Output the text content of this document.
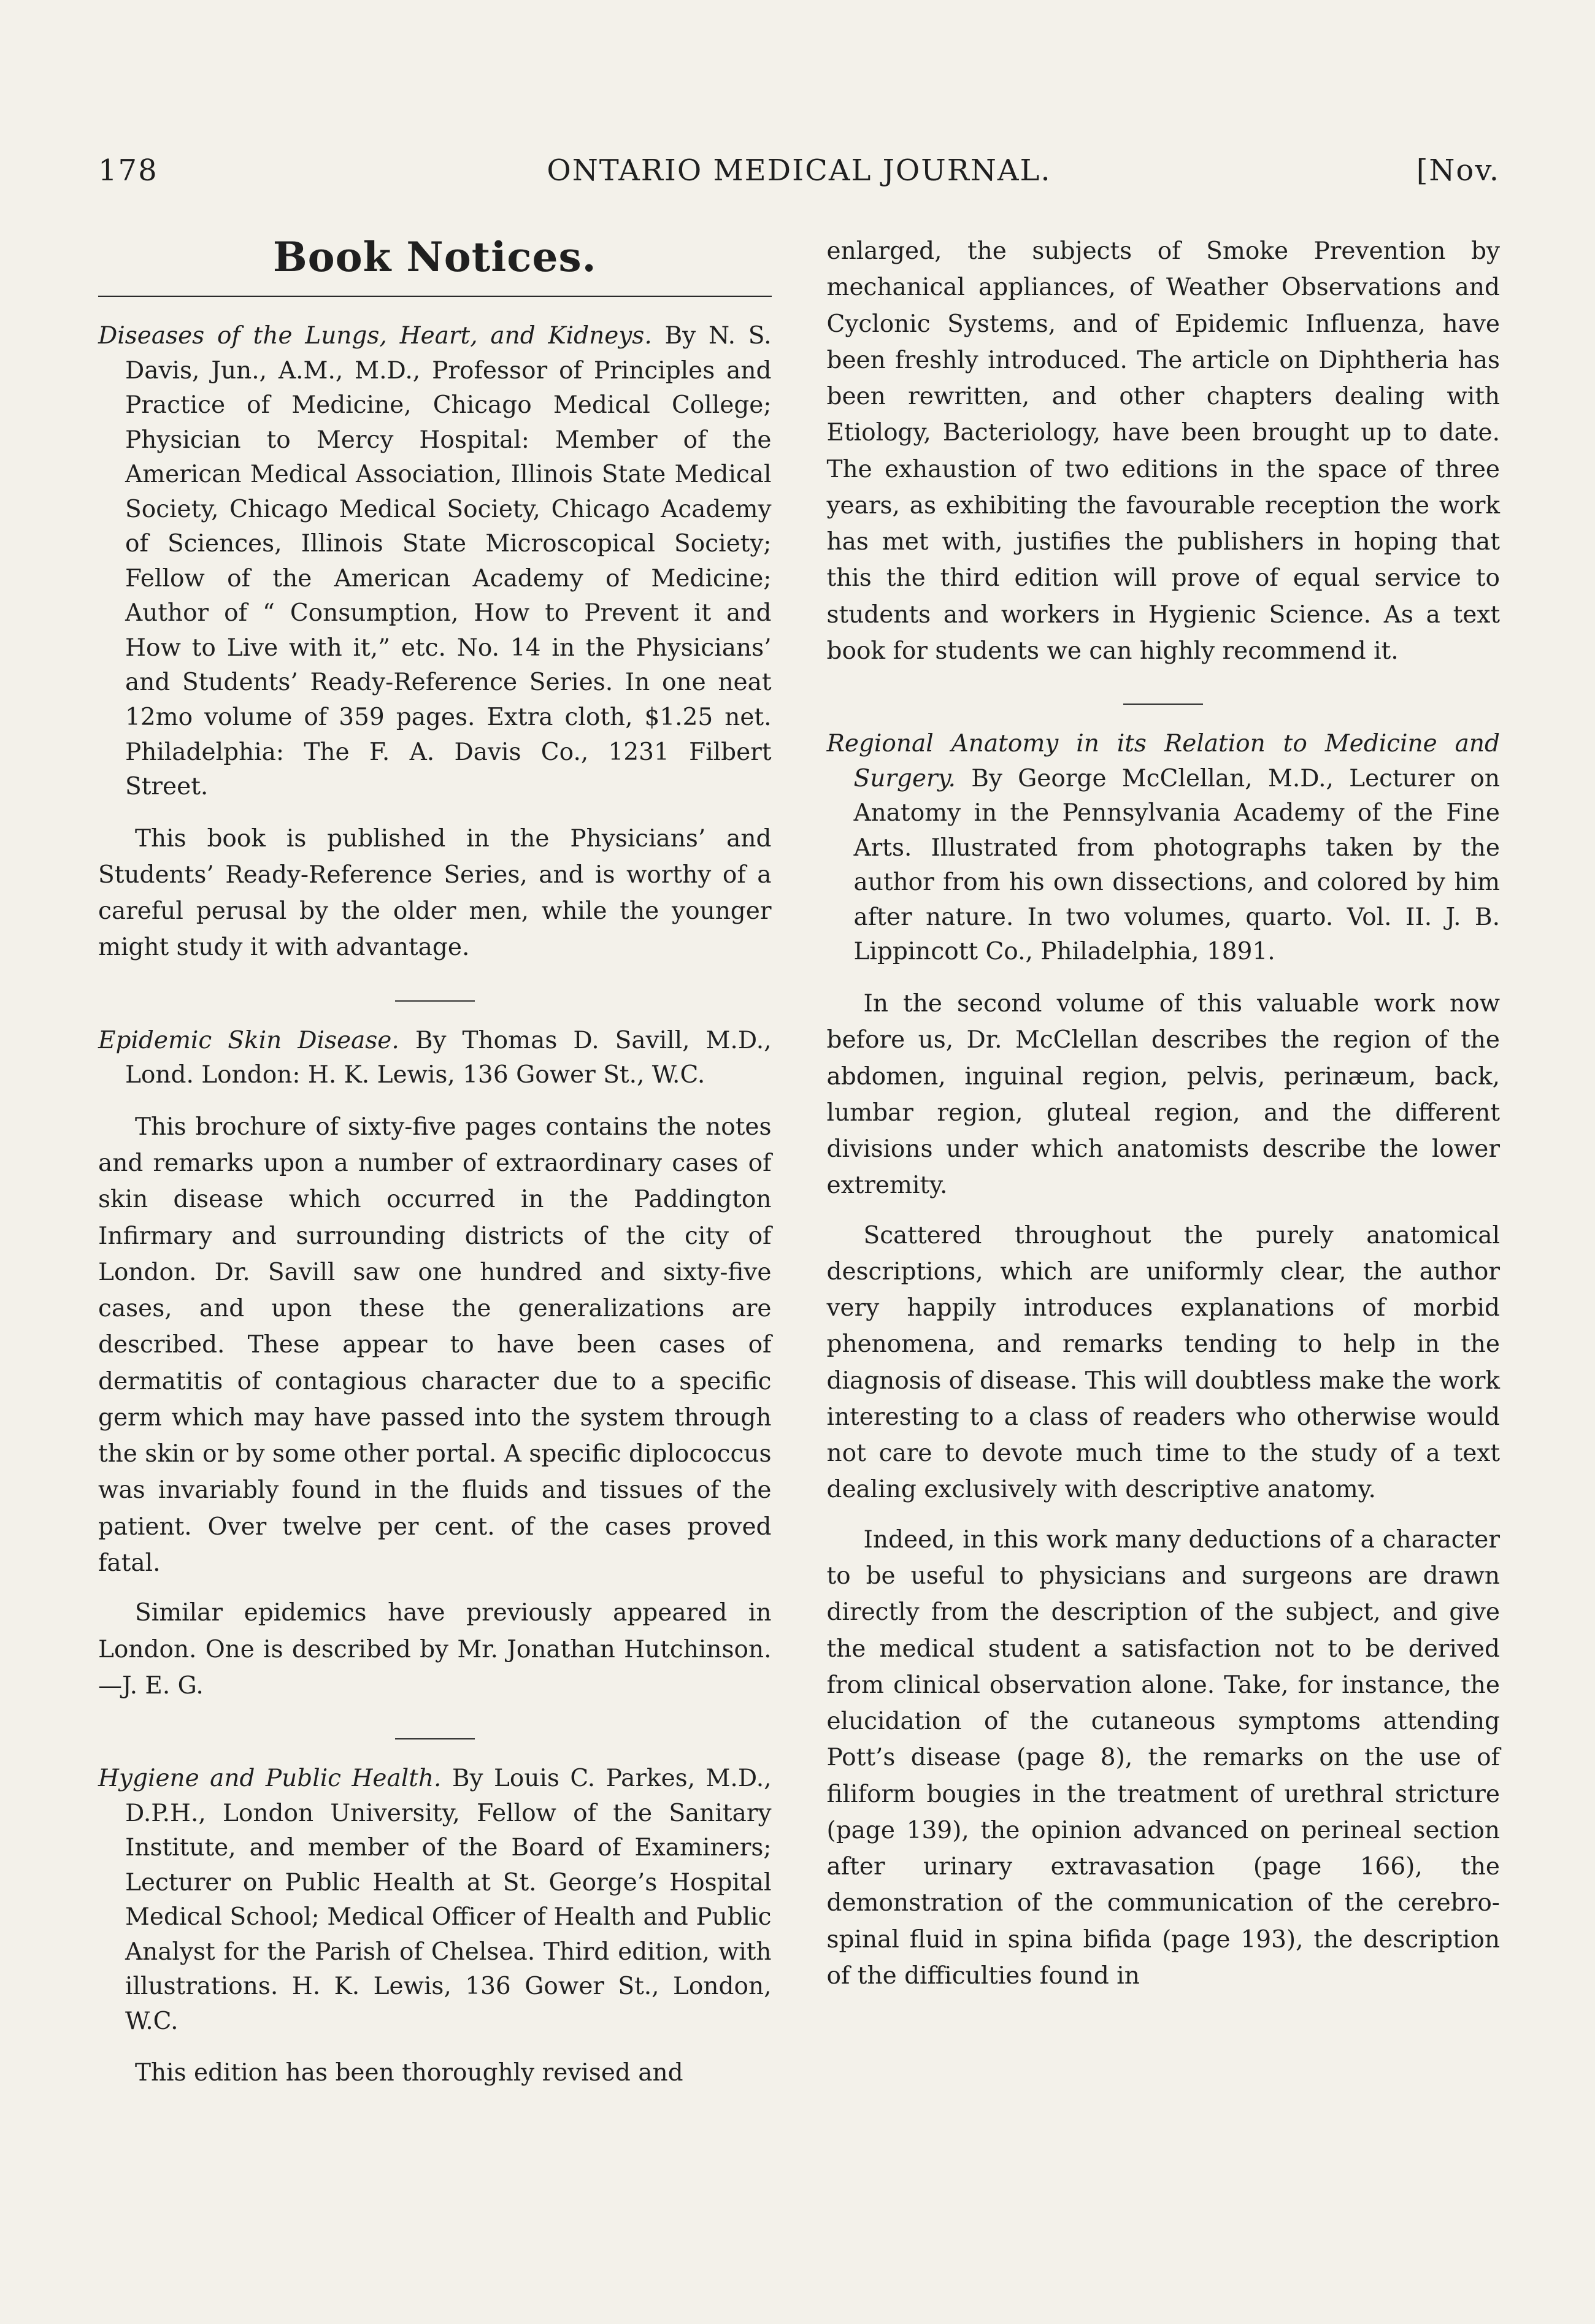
178	ONTARIO MEDICAL JOURNAL.	[Nov.
Book Notices.

Diseases of the Lungs, Heart, and Kidneys. By N. S. Davis, Jun., A.M., M.D., Professor of Principles and Practice of Medicine, Chicago Medical College; Physician to Mercy Hospital: Member of the American Medical Association, Illinois State Medical Society, Chicago Medical Society, Chicago Academy of Sciences, Illinois State Microscopical Society; Fellow of the American Academy of Medicine; Author of “ Consumption, How to Prevent it and How to Live with it,” etc. No. 14 in the Physicians’ and Students’ Ready-Reference Series. In one neat 12mo volume of 359 pages. Extra cloth, $1.25 net. Philadelphia: The F. A. Davis Co., 1231 Filbert Street.

This book is published in the Physicians’ and Students’ Ready-Reference Series, and is worthy of a careful perusal by the older men, while the younger might study it with advantage.

Epidemic Skin Disease. By Thomas D. Savill, M.D., Lond. London: H. K. Lewis, 136 Gower St., W.C.

This brochure of sixty-five pages contains the notes and remarks upon a number of extraordinary cases of skin disease which occurred in the Paddington Infirmary and surrounding districts of the city of London. Dr. Savill saw one hundred and sixty-five cases, and upon these the generalizations are described. These appear to have been cases of dermatitis of contagious character due to a specific germ which may have passed into the system through the skin or by some other portal. A specific diplococcus was invariably found in the fluids and tissues of the patient. Over twelve per cent. of the cases proved fatal.

Similar epidemics have previously appeared in London. One is described by Mr. Jonathan Hutchinson.—J. E. G.

Hygiene and Public Health. By Louis C. Parkes, M.D., D.P.H., London University, Fellow of the Sanitary Institute, and member of the Board of Examiners; Lecturer on Public Health at St. George’s Hospital Medical School; Medical Officer of Health and Public Analyst for the Parish of Chelsea. Third edition, with illustrations. H. K. Lewis, 136 Gower St., London, W.C.

This edition has been thoroughly revised and

enlarged, the subjects of Smoke Prevention by mechanical appliances, of Weather Observations and Cyclonic Systems, and of Epidemic Influenza, have been freshly introduced. The article on Diphtheria has been rewritten, and other chapters dealing with Etiology, Bacteriology, have been brought up to date. The exhaustion of two editions in the space of three years, as exhibiting the favourable reception the work has met with, justifies the publishers in hoping that this the third edition will prove of equal service to students and workers in Hygienic Science. As a text book for students we can highly recommend it.

Regional Anatomy in its Relation to Medicine and Surgery. By George McClellan, M.D., Lecturer on Anatomy in the Pennsylvania Academy of the Fine Arts. Illustrated from photographs taken by the author from his own dissections, and colored by him after nature. In two volumes, quarto. Vol. II. J. B. Lippincott Co., Philadelphia, 1891.

In the second volume of this valuable work now before us, Dr. McClellan describes the region of the abdomen, inguinal region, pelvis, perinæum, back, lumbar region, gluteal region, and the different divisions under which anatomists describe the lower extremity.

Scattered throughout the purely anatomical descriptions, which are uniformly clear, the author very happily introduces explanations of morbid phenomena, and remarks tending to help in the diagnosis of disease. This will doubtless make the work interesting to a class of readers who otherwise would not care to devote much time to the study of a text dealing exclusively with descriptive anatomy.

Indeed, in this work many deductions of a character to be useful to physicians and surgeons are drawn directly from the description of the subject, and give the medical student a satisfaction not to be derived from clinical observation alone. Take, for instance, the elucidation of the cutaneous symptoms attending Pott’s disease (page 8), the remarks on the use of filiform bougies in the treatment of urethral stricture (page 139), the opinion advanced on perineal section after urinary extravasation (page 166), the demonstration of the communication of the cerebro-spinal fluid in spina bifida (page 193), the description of the difficulties found in
